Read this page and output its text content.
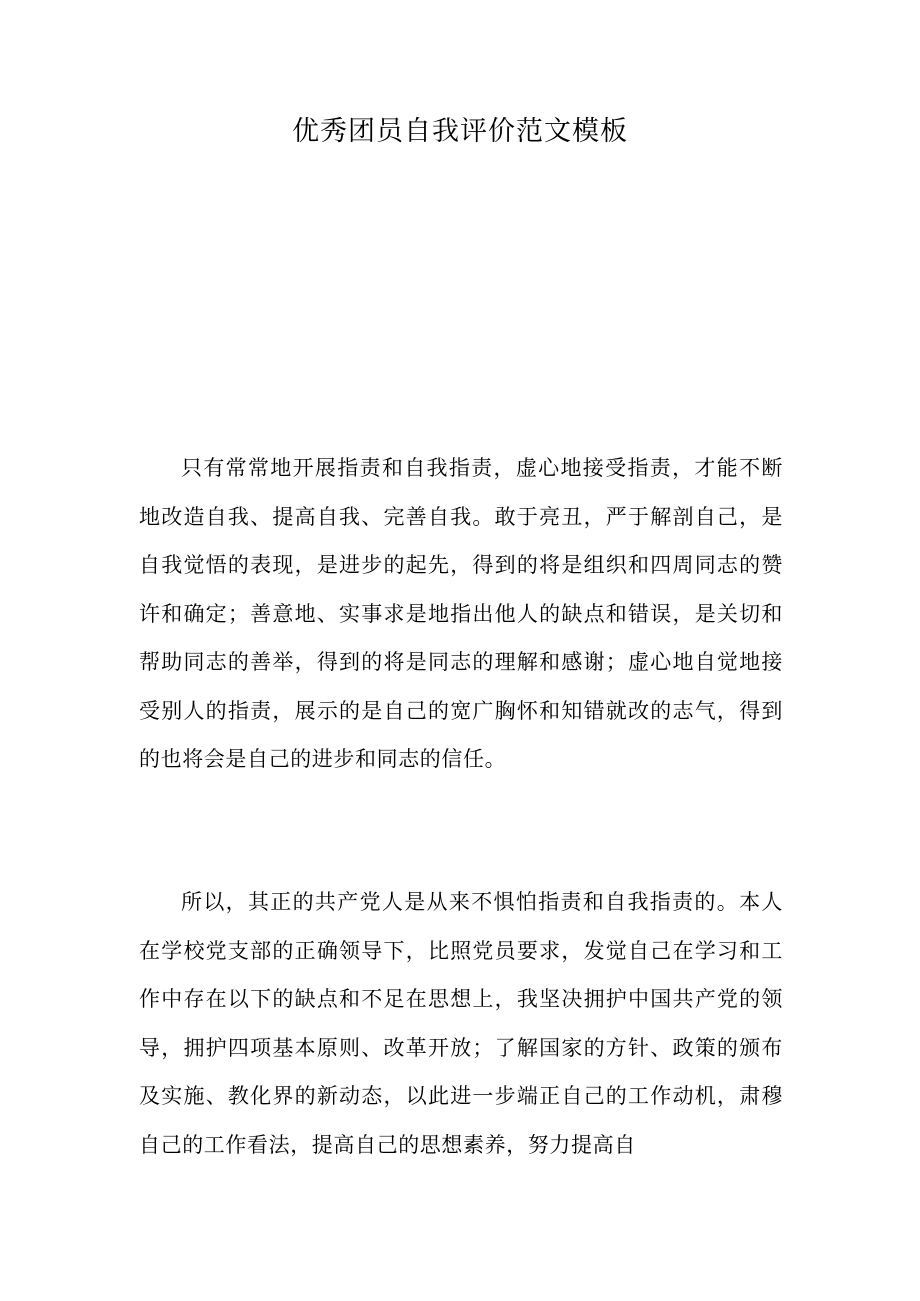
优秀团员自我评价范文模板

只有常常地开展指责和自我指责，虚心地接受指责，才能不断地改造自我、提高自我、完善自我。敢于亮丑，严于解剖自己，是自我觉悟的表现，是进步的起先，得到的将是组织和四周同志的赞许和确定；善意地、实事求是地指出他人的缺点和错误，是关切和帮助同志的善举，得到的将是同志的理解和感谢；虚心地自觉地接受别人的指责，展示的是自己的宽广胸怀和知错就改的志气，得到的也将会是自己的进步和同志的信任。

所以，其正的共产党人是从来不惧怕指责和自我指责的。本人在学校党支部的正确领导下，比照党员要求，发觉自己在学习和工作中存在以下的缺点和不足在思想上，我坚决拥护中国共产党的领导，拥护四项基本原则、改革开放；了解国家的方针、政策的颁布及实施、教化界的新动态，以此进一步端正自己的工作动机，肃穆自己的工作看法，提高自己的思想素养，努力提高自
